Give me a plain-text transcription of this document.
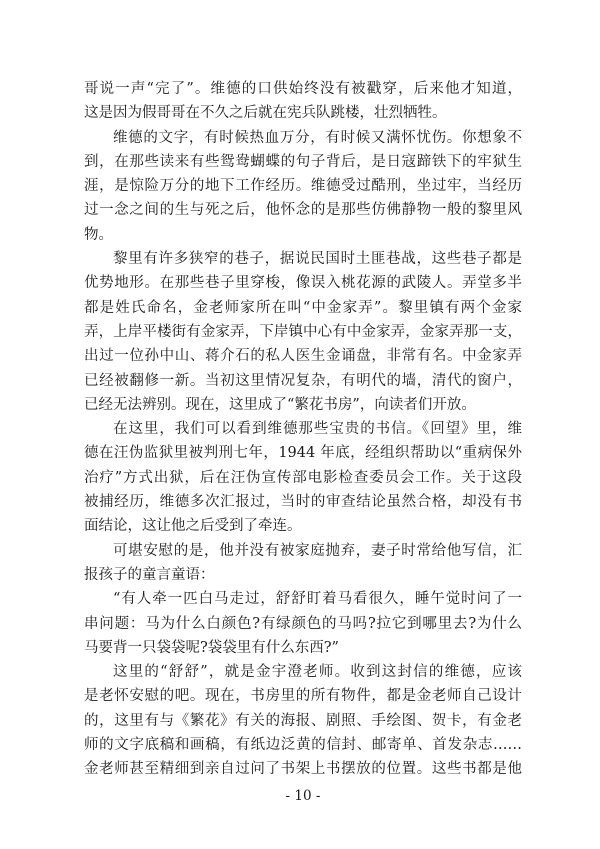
哥说一声“完了”。维德的口供始终没有被戳穿，后来他才知道，
这是因为假哥哥在不久之后就在宪兵队跳楼，壮烈牺牲。
维德的文字，有时候热血万分，有时候又满怀忧伤。你想象不
到，在那些读来有些鸳鸯蝴蝶的句子背后，是日寇蹄铁下的牢狱生
涯，是惊险万分的地下工作经历。维德受过酷刑，坐过牢，当经历
过一念之间的生与死之后，他怀念的是那些仿佛静物一般的黎里风
物。
黎里有许多狭窄的巷子，据说民国时土匪巷战，这些巷子都是
优势地形。在那些巷子里穿梭，像误入桃花源的武陵人。弄堂多半
都是姓氏命名，金老师家所在叫“中金家弄”。黎里镇有两个金家
弄，上岸平楼街有金家弄，下岸镇中心有中金家弄，金家弄那一支，
出过一位孙中山、蒋介石的私人医生金诵盘，非常有名。中金家弄
已经被翻修一新。当初这里情况复杂，有明代的墙，清代的窗户，
已经无法辨别。现在，这里成了“繁花书房”，向读者们开放。
在这里，我们可以看到维德那些宝贵的书信。《回望》里，维
德在汪伪监狱里被判刑七年，1944 年底，经组织帮助以“重病保外
治疗”方式出狱，后在汪伪宣传部电影检查委员会工作。关于这段
被捕经历，维德多次汇报过，当时的审查结论虽然合格，却没有书
面结论，这让他之后受到了牵连。
可堪安慰的是，他并没有被家庭抛弃，妻子时常给他写信，汇
报孩子的童言童语：
“有人牵一匹白马走过，舒舒盯着马看很久，睡午觉时问了一
串问题：马为什么白颜色?有绿颜色的马吗?拉它到哪里去?为什么
马要背一只袋袋呢?袋袋里有什么东西?”
这里的“舒舒”，就是金宇澄老师。收到这封信的维德，应该
是老怀安慰的吧。现在，书房里的所有物件，都是金老师自己设计
的，这里有与《繁花》有关的海报、剧照、手绘图、贺卡，有金老
师的文字底稿和画稿，有纸边泛黄的信封、邮寄单、首发杂志……
金老师甚至精细到亲自过问了书架上书摆放的位置。这些书都是他
- 10 -
